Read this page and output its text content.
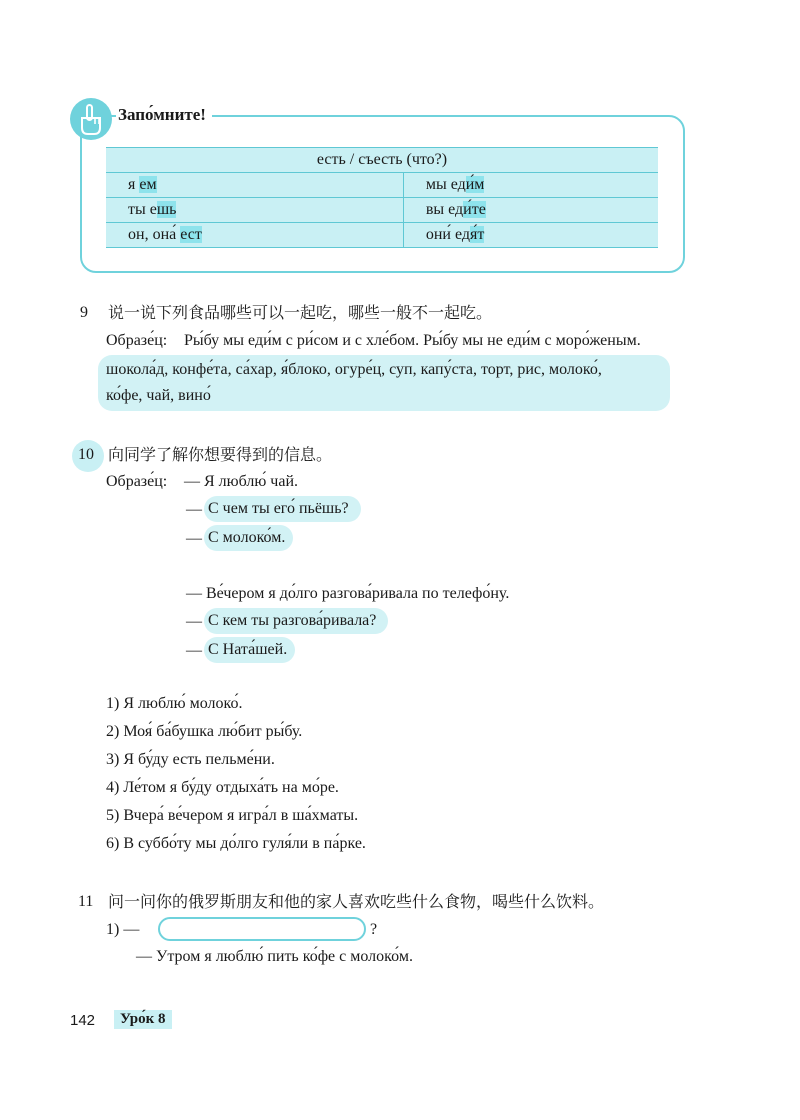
Запо́мните!
есть / съесть (что?)	
я ем	мы еди́м
ты ешь	вы еди́те
он, она́ ест	они́ едя́т
9 说一说下列食品哪些可以一起吃，哪些一般不一起吃。
Образе́ц: Ры́бу мы еди́м с ри́сом и с хле́бом. Ры́бу мы не еди́м с моро́женым.
шокола́д, конфе́та, са́хар, я́блоко, огуре́ц, суп, капу́ста, торт, рис, молоко́,
ко́фе, чай, вино́
10 向同学了解你想要得到的信息。
Образе́ц: — Я люблю́ чай.
— С чем ты его́ пьёшь?
— С молоко́м.
— Ве́чером я до́лго разгова́ривала по телефо́ну.
— С кем ты разгова́ривала?
— С Ната́шей.
1) Я люблю́ молоко́.
2) Моя́ ба́бушка лю́бит ры́бу.
3) Я бу́ду есть пельме́ни.
4) Ле́том я бу́ду отдыха́ть на мо́ре.
5) Вчера́ ве́чером я игра́л в ша́хматы.
6) В суббо́ту мы до́лго гуля́ли в па́рке.
11 问一问你的俄罗斯朋友和他的家人喜欢吃些什么食物，喝些什么饮料。
1) —	?
— Утром я люблю́ пить ко́фе с молоко́м.
142	Уро́к 8
